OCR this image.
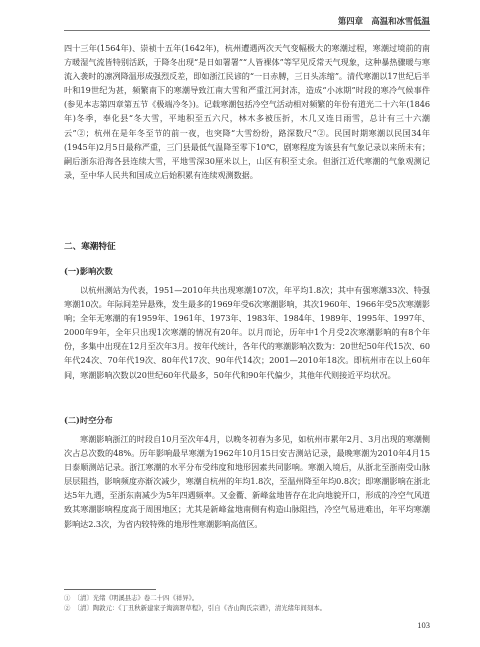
第四章　高温和冰雪低温

四十三年(1564年)、崇祯十五年(1642年)，杭州遭遇两次天气变幅极大的寒潮过程，寒潮过境前的南方暖湿气流皆特别活跃，于降冬出现“是日如署署”“人皆裸体”等罕见反常天气现象，这种暴热骤暖与寒流入袭时的凛冽降温形成强烈反差，即如浙江民谚的“一日赤膊，三日头冻缩”。清代寒潮以17世纪后半叶和19世纪为甚，频繁南下的寒潮导致江南大雪和严重江河封冻，造成“小冰期”时段的寒冷气候事件(参见本志第四章第五节《极端冷冬》)。记载寒潮包括冷空气活动相对频繁的年份有道光二十六年(1846年)冬季，奉化县“冬大雪，平地积至五六尺，林木多被压折，木几又连日雨雪，总计有三十六潮云”②；杭州在是年冬至节的前一夜，也突降“大雪纷纷，路深数尺”②。民国时期寒潮以民国34年(1945年)2月5日最称严重，三门县最低气温降至零下10℃，剧寒程度为该县有气象记录以来所未有；嗣后浙东沿海各县连续大雪，平地雪深30厘米以上，山区有积至丈余。但浙江近代寒潮的气象观测记录，至中华人民共和国成立后始积累有连续观测数据。

二、寒潮特征
(一)影响次数

以杭州测站为代表，1951—2010年共出现寒潮107次，年平均1.8次；其中有强寒潮33次、特强寒潮10次。年际间差异悬殊，发生最多的1969年受6次寒潮影响，其次1960年、1966年受5次寒潮影响；全年无寒潮的有1959年、1961年、1973年、1983年、1984年、1989年、1995年、1997年、2000年9年，全年只出现1次寒潮的情况有20年。以月而论，历年中1个月受2次寒潮影响的有8个年份，多集中出现在12月至次年3月。按年代统计，各年代的寒潮影响次数为：20世纪50年代15次、60年代24次、70年代19次、80年代17次、90年代14次；2001—2010年18次。即杭州市在以上60年间，寒潮影响次数以20世纪60年代最多，50年代和90年代偏少，其他年代则接近平均状况。

(二)时空分布

寒潮影响浙江的时段自10月至次年4月，以晚冬初春为多见，如杭州市累年2月、3月出现的寒潮侧次占总次数的48%。历年影响最早寒潮为1962年10月15日安吉测站记录，最晚寒潮为2010年4月15日泰顺测站记录。浙江寒潮的水平分布受纬度和地形因素共同影响。寒潮入境后，从浙北至浙南受山脉层层阻挡，影响频度亦渐次减少，寒潮自杭州的年均1.8次，至温州降至年均0.8次；即寒潮影响在浙北达5年九遇，至浙东南减少为5年四遇频率。又金衢、新峰盆地皆存在北向地貌开口，形成的冷空气风道致其寒潮影响程度高于周围地区；尤其是新峰盆地南侧有构造山脉阻挡，冷空气易进难出，年平均寒潮影响达2.3次，为省内较特殊的地形性寒潮影响高值区。

①　〔清〕光绪《明溪县志》卷二十四《祥异》。

②　〔清〕陶敦元：《丁丑秋新建家子淘滴署草程》，引自《杏山陶氏宗谱》，清光绪年间刻本。

103
